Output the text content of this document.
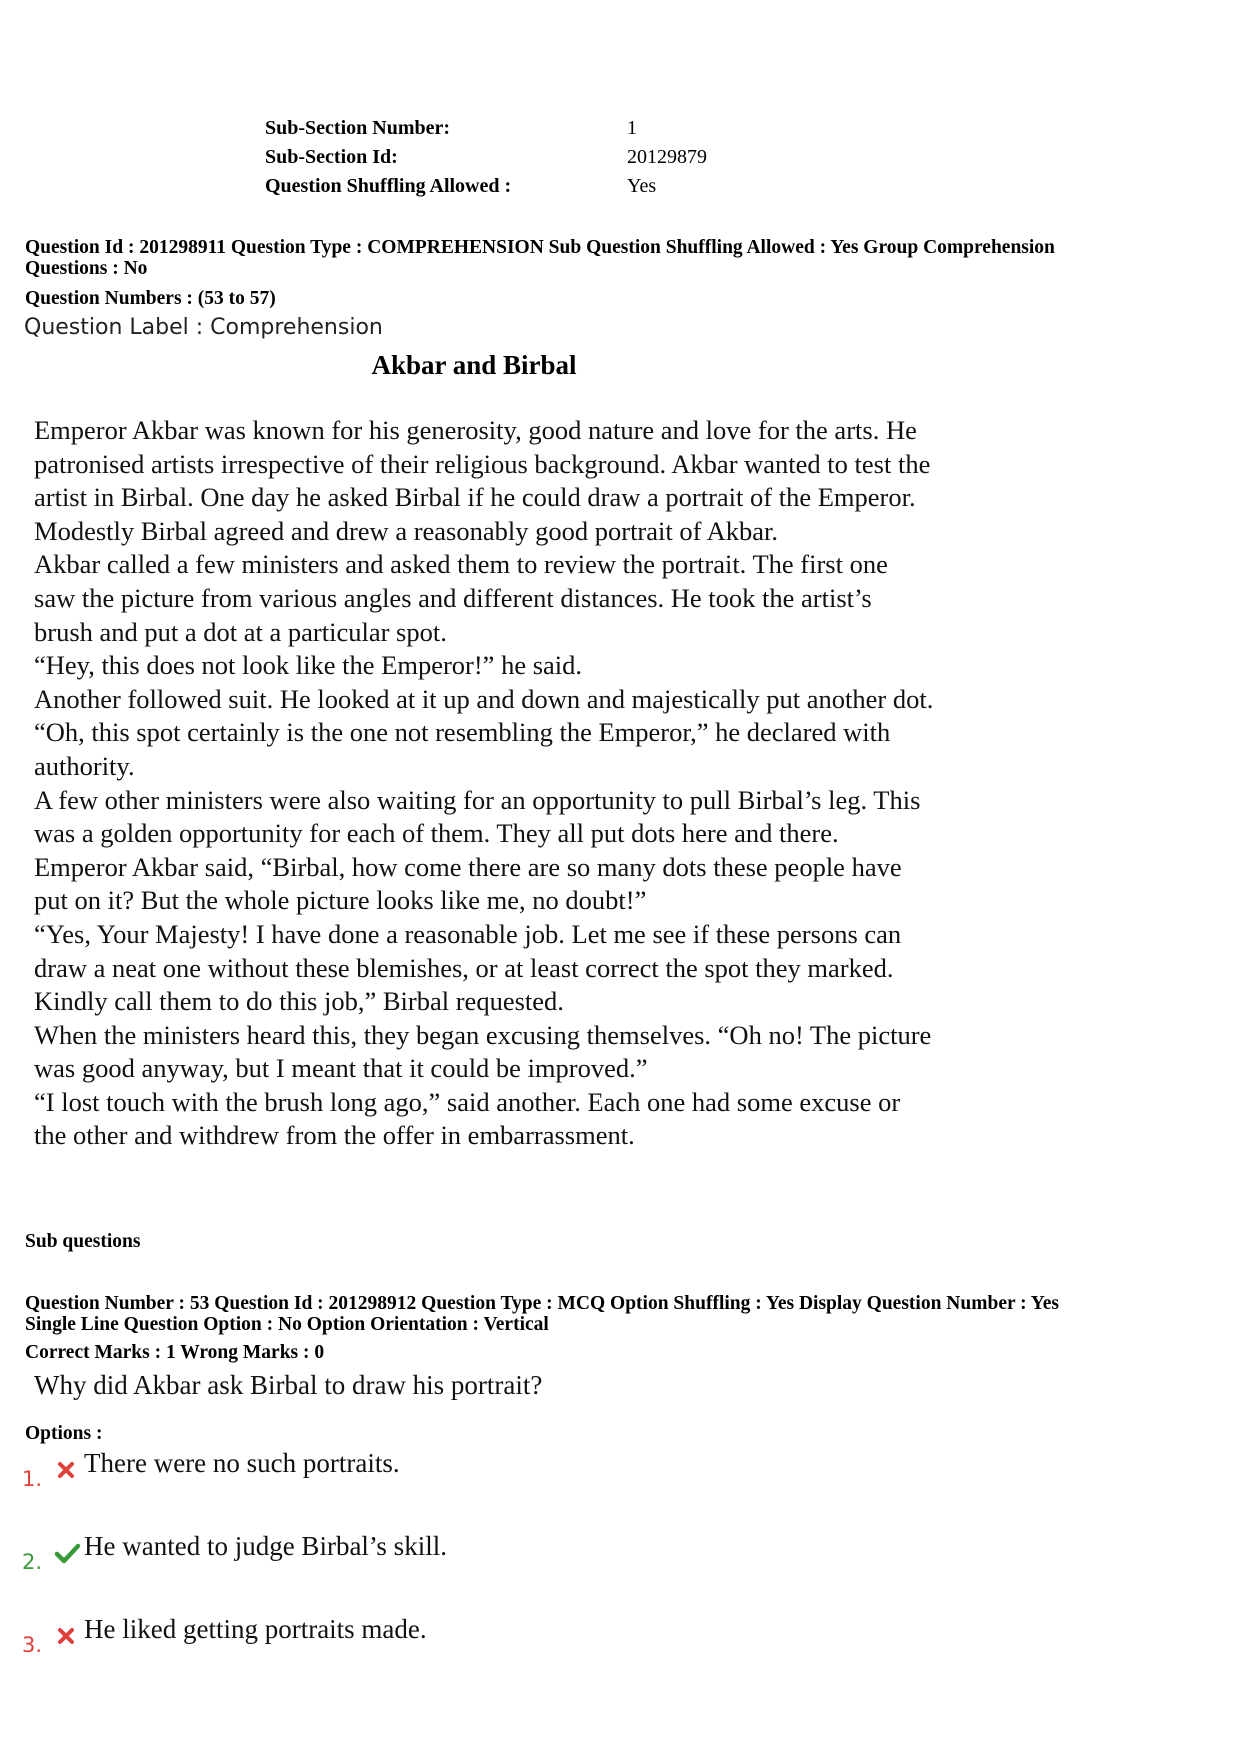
Sub-Section Number:	1
Sub-Section Id:	20129879
Question Shuffling Allowed :	Yes
Question Id : 201298911 Question Type : COMPREHENSION Sub Question Shuffling Allowed : Yes Group Comprehension
Questions : No
Question Numbers : (53 to 57)
Question Label : Comprehension
Akbar and Birbal

Emperor Akbar was known for his generosity, good nature and love for the arts. He patronised artists irrespective of their religious background. Akbar wanted to test the artist in Birbal. One day he asked Birbal if he could draw a portrait of the Emperor. Modestly Birbal agreed and drew a reasonably good portrait of Akbar.

Akbar called a few ministers and asked them to review the portrait. The first one saw the picture from various angles and different distances. He took the artist’s brush and put a dot at a particular spot.

“Hey, this does not look like the Emperor!” he said.

Another followed suit. He looked at it up and down and majestically put another dot. “Oh, this spot certainly is the one not resembling the Emperor,” he declared with authority.

A few other ministers were also waiting for an opportunity to pull Birbal’s leg. This was a golden opportunity for each of them. They all put dots here and there.

Emperor Akbar said, “Birbal, how come there are so many dots these people have put on it? But the whole picture looks like me, no doubt!”

“Yes, Your Majesty! I have done a reasonable job. Let me see if these persons can draw a neat one without these blemishes, or at least correct the spot they marked. Kindly call them to do this job,” Birbal requested.

When the ministers heard this, they began excusing themselves. “Oh no! The picture was good anyway, but I meant that it could be improved.”

“I lost touch with the brush long ago,” said another. Each one had some excuse or the other and withdrew from the offer in embarrassment.

Sub questions
Question Number : 53 Question Id : 201298912 Question Type : MCQ Option Shuffling : Yes Display Question Number : Yes
Single Line Question Option : No Option Orientation : Vertical
Correct Marks : 1 Wrong Marks : 0
Why did Akbar ask Birbal to draw his portrait?
Options :
1.
There were no such portraits.
2.
He wanted to judge Birbal’s skill.
3.
He liked getting portraits made.
